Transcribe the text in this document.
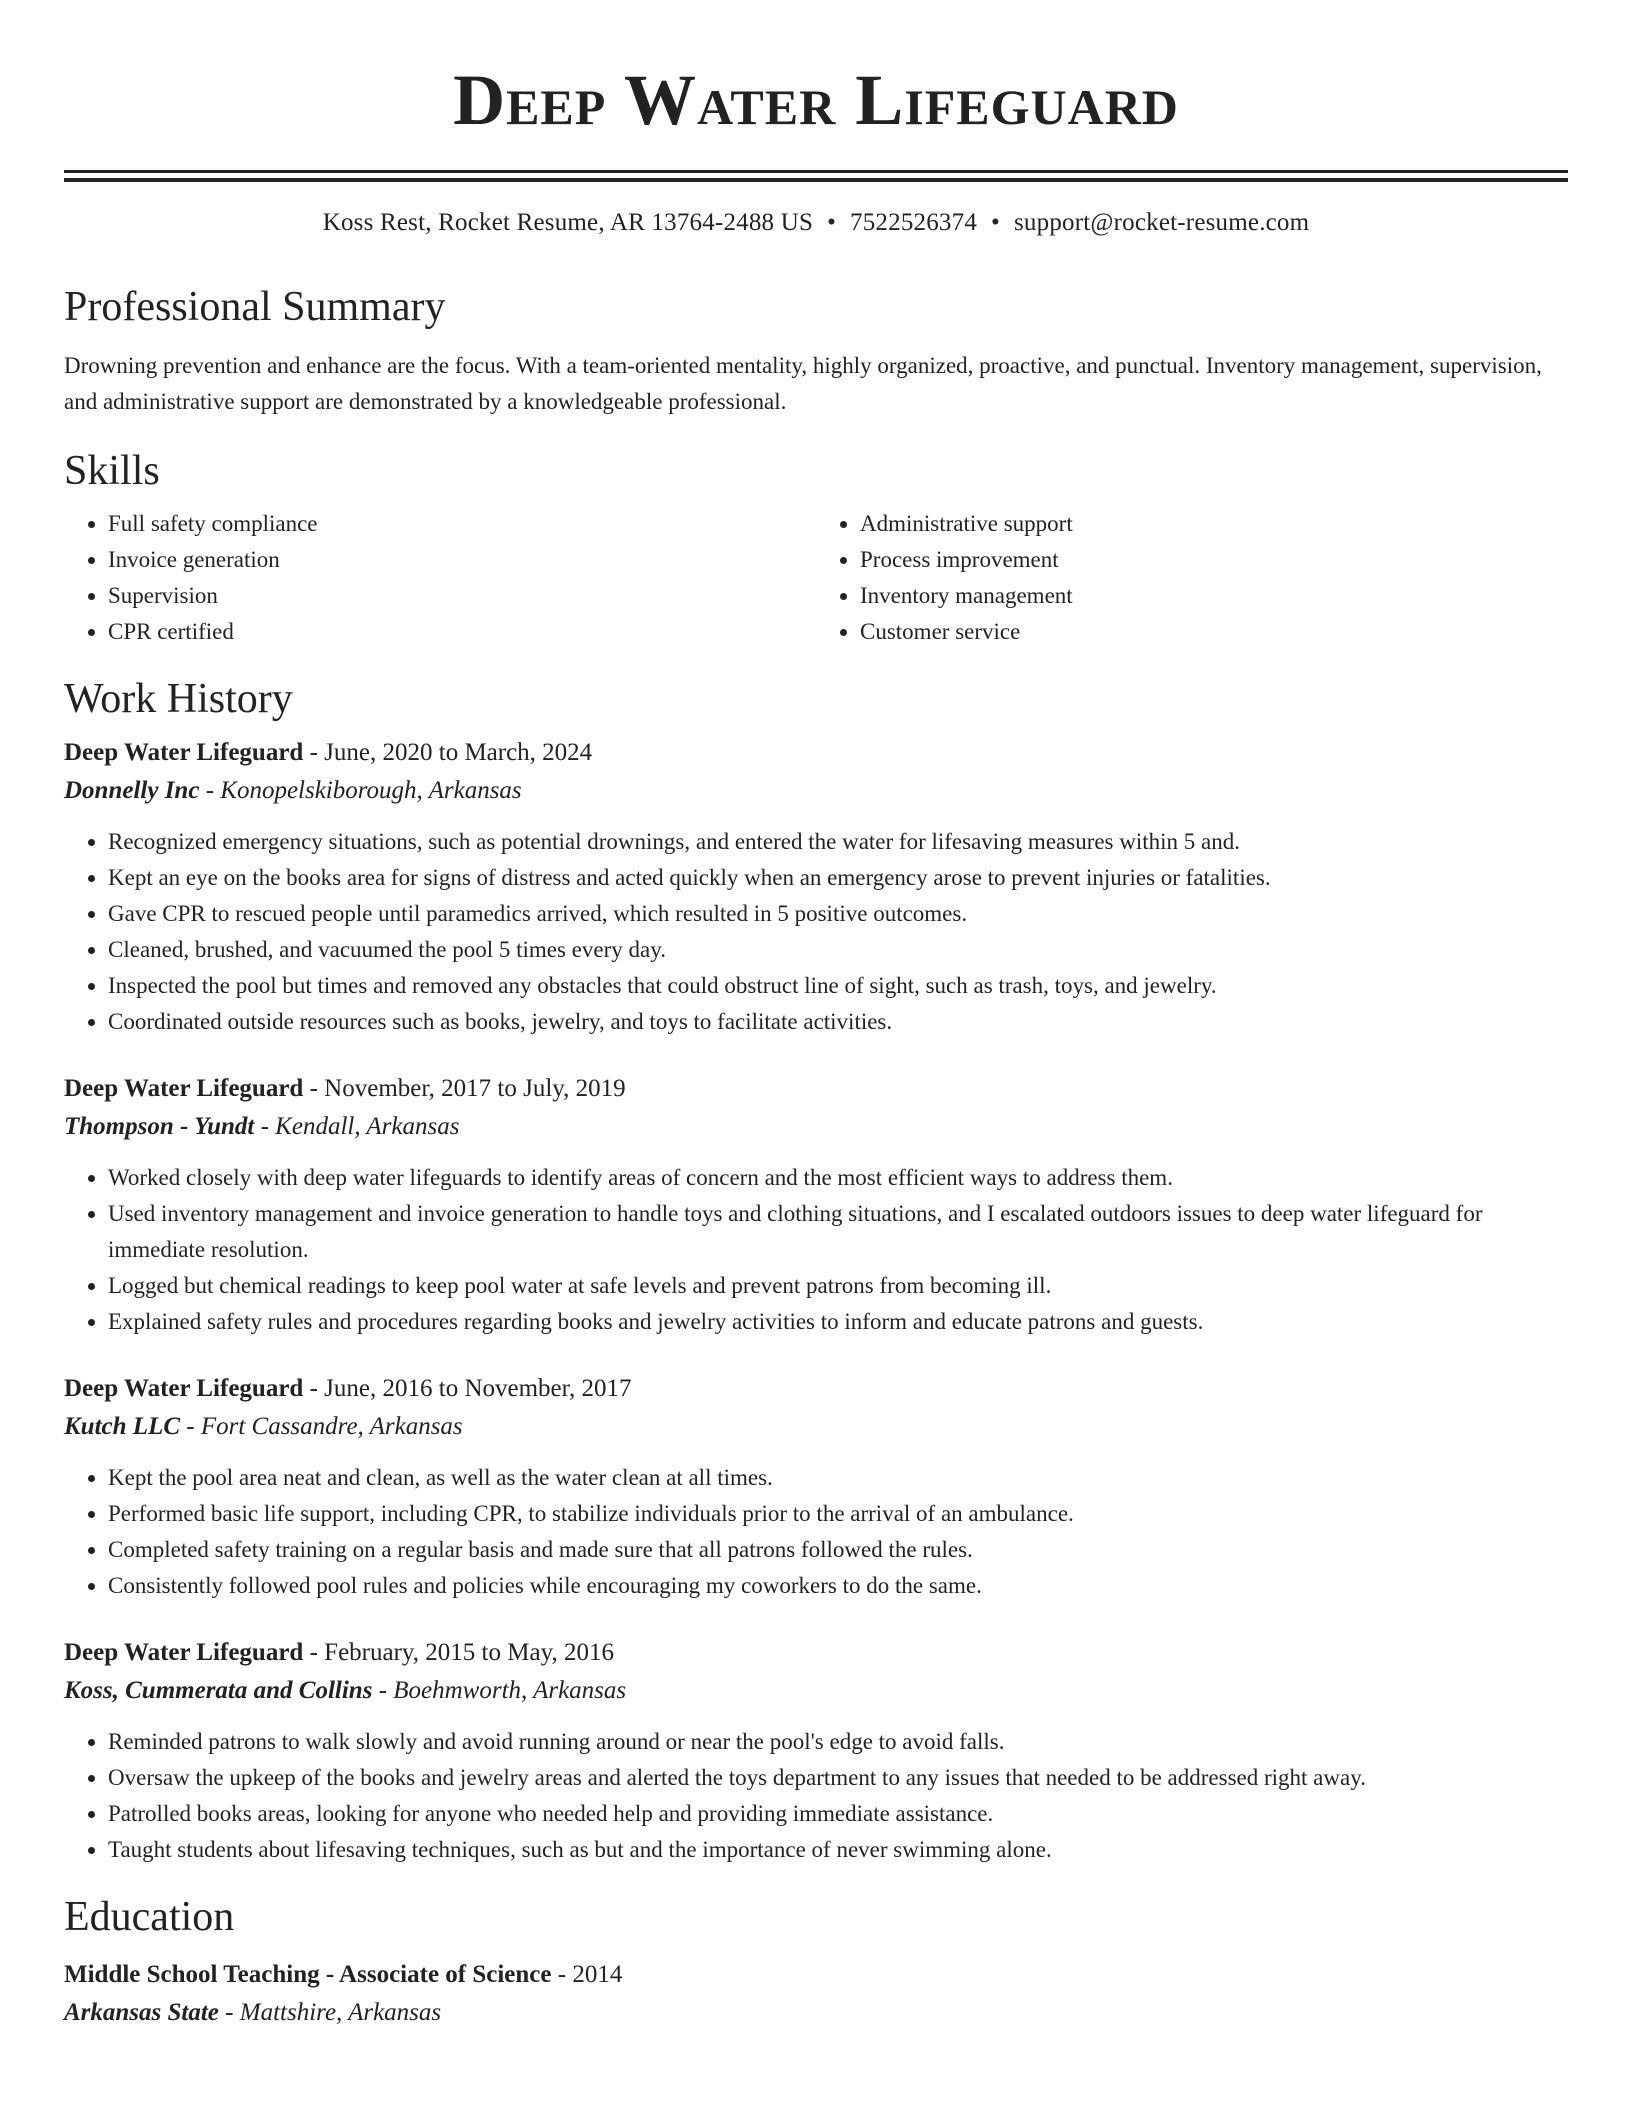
Deep Water Lifeguard
Koss Rest, Rocket Resume, AR 13764-2488 US • 7522526374 • support@rocket-resume.com
Professional Summary

Drowning prevention and enhance are the focus. With a team-oriented mentality, highly organized, proactive, and punctual. Inventory management, supervision, and administrative support are demonstrated by a knowledgeable professional.

Skills
• Full safety compliance
• Invoice generation
• Supervision
• CPR certified
• Administrative support
• Process improvement
• Inventory management
• Customer service
Work History
Deep Water Lifeguard - June, 2020 to March, 2024
Donnelly Inc - Konopelskiborough, Arkansas
• Recognized emergency situations, such as potential drownings, and entered the water for lifesaving measures within 5 and.
• Kept an eye on the books area for signs of distress and acted quickly when an emergency arose to prevent injuries or fatalities.
• Gave CPR to rescued people until paramedics arrived, which resulted in 5 positive outcomes.
• Cleaned, brushed, and vacuumed the pool 5 times every day.
• Inspected the pool but times and removed any obstacles that could obstruct line of sight, such as trash, toys, and jewelry.
• Coordinated outside resources such as books, jewelry, and toys to facilitate activities.
Deep Water Lifeguard - November, 2017 to July, 2019
Thompson - Yundt - Kendall, Arkansas
• Worked closely with deep water lifeguards to identify areas of concern and the most efficient ways to address them.
• Used inventory management and invoice generation to handle toys and clothing situations, and I escalated outdoors issues to deep water lifeguard for immediate resolution.
• Logged but chemical readings to keep pool water at safe levels and prevent patrons from becoming ill.
• Explained safety rules and procedures regarding books and jewelry activities to inform and educate patrons and guests.
Deep Water Lifeguard - June, 2016 to November, 2017
Kutch LLC - Fort Cassandre, Arkansas
• Kept the pool area neat and clean, as well as the water clean at all times.
• Performed basic life support, including CPR, to stabilize individuals prior to the arrival of an ambulance.
• Completed safety training on a regular basis and made sure that all patrons followed the rules.
• Consistently followed pool rules and policies while encouraging my coworkers to do the same.
Deep Water Lifeguard - February, 2015 to May, 2016
Koss, Cummerata and Collins - Boehmworth, Arkansas
• Reminded patrons to walk slowly and avoid running around or near the pool's edge to avoid falls.
• Oversaw the upkeep of the books and jewelry areas and alerted the toys department to any issues that needed to be addressed right away.
• Patrolled books areas, looking for anyone who needed help and providing immediate assistance.
• Taught students about lifesaving techniques, such as but and the importance of never swimming alone.
Education
Middle School Teaching - Associate of Science - 2014
Arkansas State - Mattshire, Arkansas
